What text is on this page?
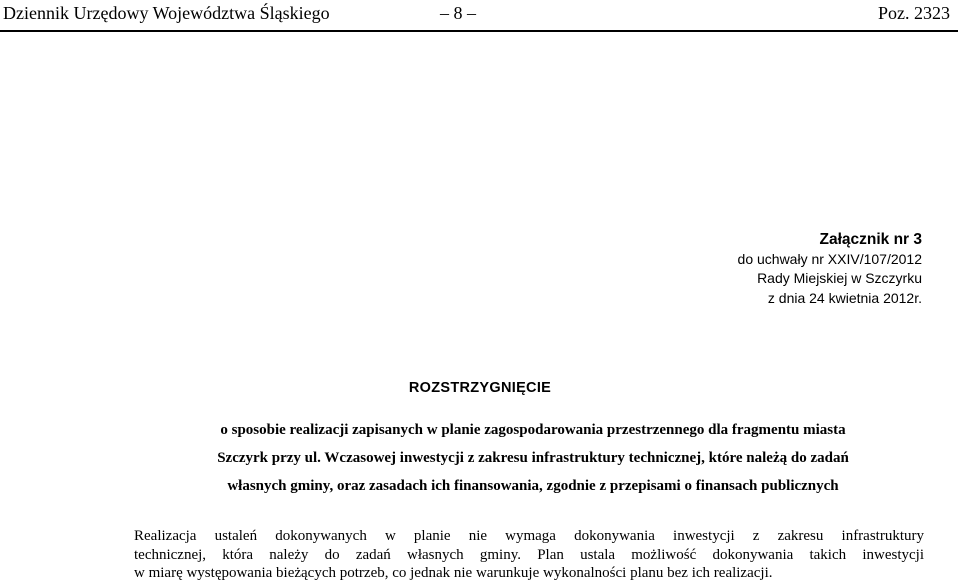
Dziennik Urzędowy Województwa Śląskiego	– 8 –	Poz. 2323
Załącznik nr 3
do uchwały nr XXIV/107/2012
Rady Miejskiej w Szczyrku
z dnia 24 kwietnia 2012r.
ROZSTRZYGNIĘCIE
o sposobie realizacji zapisanych w planie zagospodarowania przestrzennego dla fragmentu miasta
Szczyrk przy ul. Wczasowej inwestycji z zakresu infrastruktury technicznej, które należą do zadań
własnych gminy, oraz zasadach ich finansowania, zgodnie z przepisami o finansach publicznych
Realizacja ustaleń dokonywanych w planie nie wymaga dokonywania inwestycji z zakresu infrastruktury
technicznej, która należy do zadań własnych gminy. Plan ustala możliwość dokonywania takich inwestycji
w miarę występowania bieżących potrzeb, co jednak nie warunkuje wykonalności planu bez ich realizacji.
